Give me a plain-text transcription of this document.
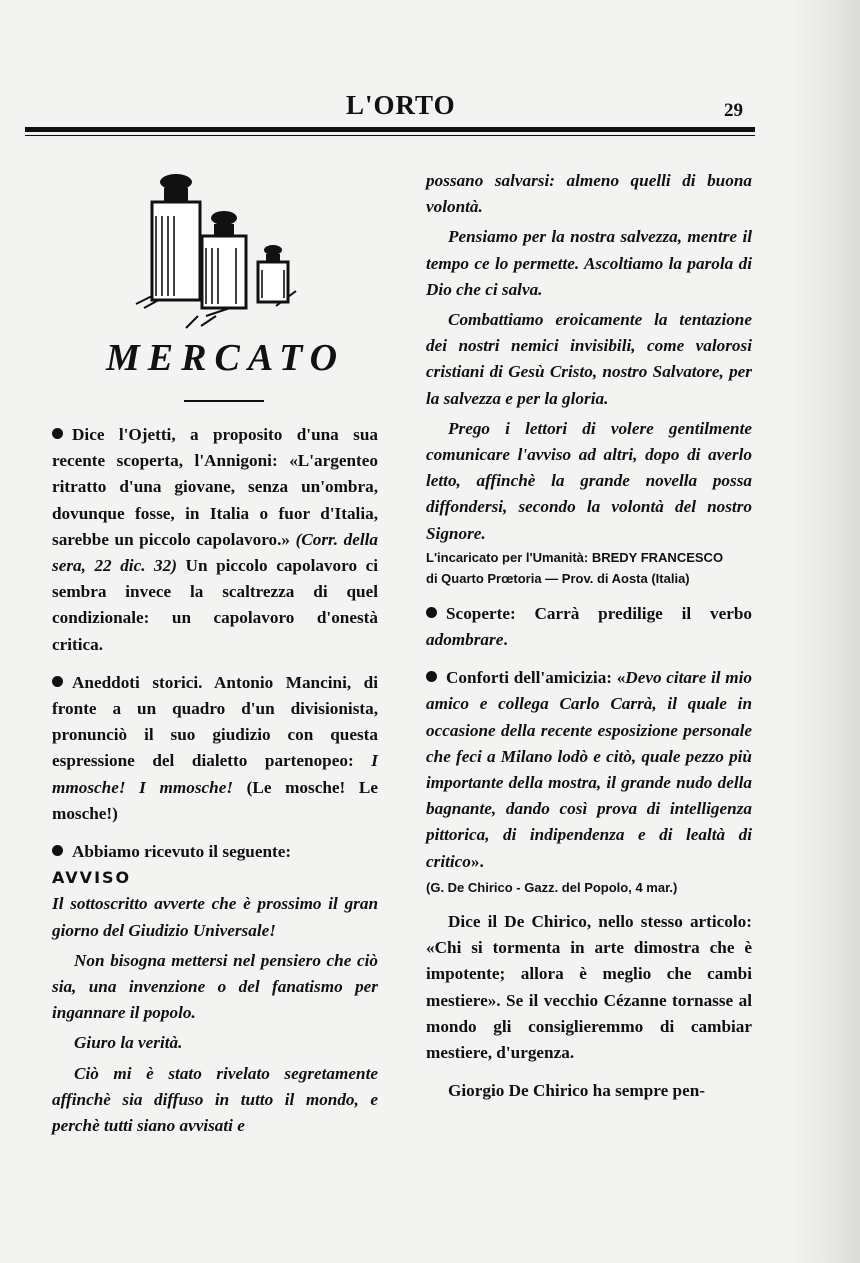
L'ORTO	29
MERCATO

Dice l'Ojetti, a proposito d'una sua recente scoperta, l'Annigoni: «L'argenteo ritratto d'una giovane, senza un'ombra, dovunque fosse, in Italia o fuor d'Italia, sarebbe un piccolo capolavoro.» (Corr. della sera, 22 dic. 32) Un piccolo capolavoro ci sembra invece la scaltrezza di quel condizionale: un capolavoro d'onestà critica.

Aneddoti storici. Antonio Mancini, di fronte a un quadro d'un divisionista, pronunciò il suo giudizio con questa espressione del dialetto partenopeo: I mmosche! I mmosche! (Le mosche! Le mosche!)

Abbiamo ricevuto il seguente:

AVVISO

Il sottoscritto avverte che è prossimo il gran giorno del Giudizio Universale!

Non bisogna mettersi nel pensiero che ciò sia, una invenzione o del fanatismo per ingannare il popolo.

Giuro la verità.

Ciò mi è stato rivelato segretamente affinchè sia diffuso in tutto il mondo, e perchè tutti siano avvisati e

possano salvarsi: almeno quelli di buona volontà.

Pensiamo per la nostra salvezza, mentre il tempo ce lo permette. Ascoltiamo la parola di Dio che ci salva.

Combattiamo eroicamente la tentazione dei nostri nemici invisibili, come valorosi cristiani di Gesù Cristo, nostro Salvatore, per la salvezza e per la gloria.

Prego i lettori di volere gentilmente comunicare l'avviso ad altri, dopo di averlo letto, affinchè la grande novella possa diffondersi, secondo la volontà del nostro Signore.

L'incaricato per l'Umanità: BREDY FRANCESCO
di Quarto Prœtoria — Prov. di Aosta (Italia)

Scoperte: Carrà predilige il verbo adombrare.

Conforti dell'amicizia: «Devo citare il mio amico e collega Carlo Carrà, il quale in occasione della recente esposizione personale che feci a Milano lodò e citò, quale pezzo più importante della mostra, il grande nudo della bagnante, dando così prova di intelligenza pittorica, di indipendenza e di lealtà di critico».

(G. De Chirico - Gazz. del Popolo, 4 mar.)

Dice il De Chirico, nello stesso articolo: «Chi si tormenta in arte dimostra che è impotente; allora è meglio che cambi mestiere». Se il vecchio Cézanne tornasse al mondo gli consiglieremmo di cambiar mestiere, d'urgenza.

Giorgio De Chirico ha sempre pen-
